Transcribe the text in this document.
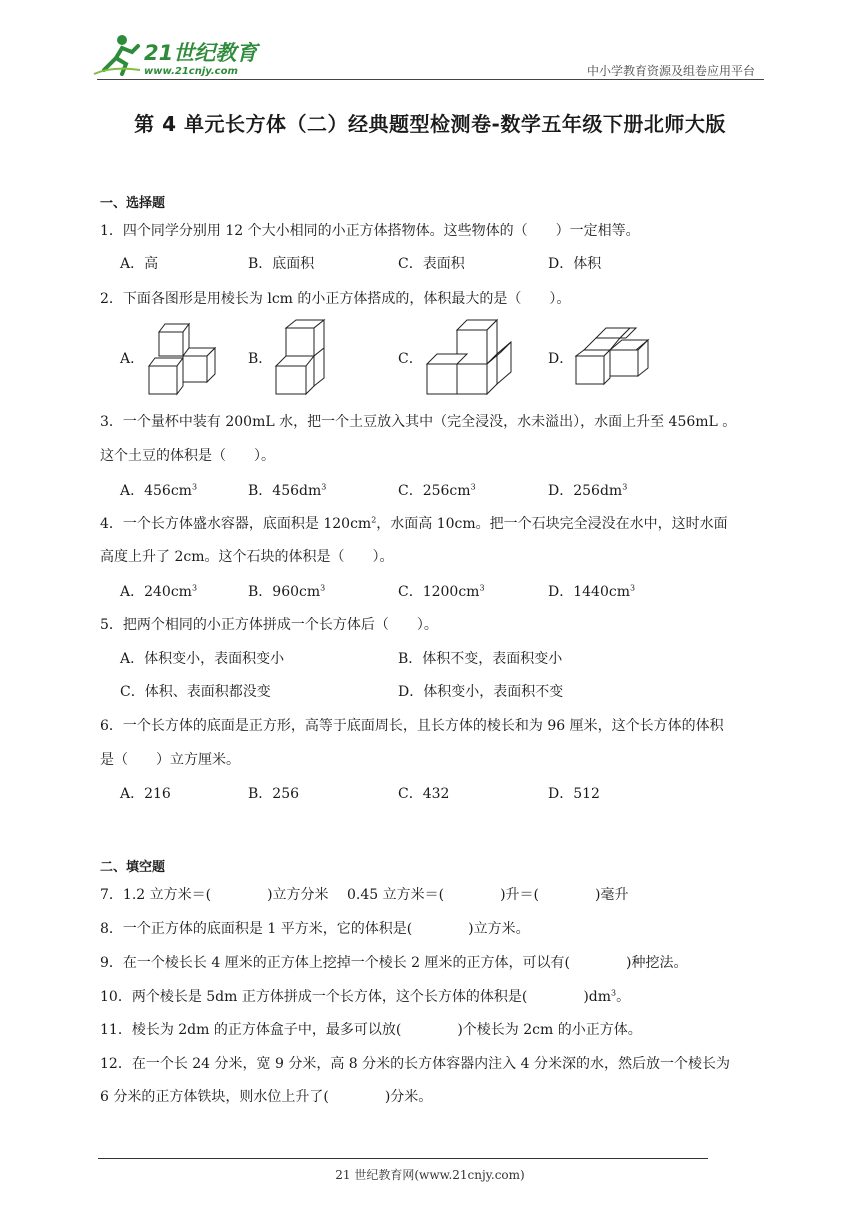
21世纪教育
www.21cnjy.com	中小学教育资源及组卷应用平台
第 4 单元长方体（二）经典题型检测卷-数学五年级下册北师大版
一、选择题
1．四个同学分别用 12 个大小相同的小正方体搭物体。这些物体的（　　）一定相等。
A．高	B．底面积	C．表面积	D．体积
2．下面各图形是用棱长为 lcm 的小正方体搭成的，体积最大的是（　　）。
A．	B．	C．	D．
3．一个量杯中装有 200mL 水，把一个土豆放入其中（完全浸没，水未溢出），水面上升至 456mL 。
这个土豆的体积是（　　）。
A．$456cm^3$	B．$456dm^3$	C．$256cm^3$	D．$256dm^3$
4．一个长方体盛水容器，底面积是 $120cm^2$，水面高 10cm。把一个石块完全浸没在水中，这时水面
高度上升了 2cm。这个石块的体积是（　　）。
A．$240cm^3$	B．$960cm^3$	C．$1200cm^3$	D．$1440cm^3$
5．把两个相同的小正方体拼成一个长方体后（　　）。
A．体积变小，表面积变小	B．体积不变，表面积变小
C．体积、表面积都没变	D．体积变小，表面积不变
6．一个长方体的底面是正方形，高等于底面周长，且长方体的棱长和为 96 厘米，这个长方体的体积
是（　　）立方厘米。
A．216	B．256	C．432	D．512
二、填空题
7．1.2 立方米＝(　　　　)立方分米　 0.45 立方米＝(　　　　)升＝(　　　　)毫升
8．一个正方体的底面积是 1 平方米，它的体积是(　　　　)立方米。
9．在一个棱长长 4 厘米的正方体上挖掉一个棱长 2 厘米的正方体，可以有(　　　　)种挖法。
10．两个棱长是 5dm 正方体拼成一个长方体，这个长方体的体积是(　　　　)$dm^3$。
11．棱长为 2dm 的正方体盒子中，最多可以放(　　　　)个棱长为 2cm 的小正方体。
12．在一个长 24 分米，宽 9 分米，高 8 分米的长方体容器内注入 4 分米深的水，然后放一个棱长为
6 分米的正方体铁块，则水位上升了(　　　　)分米。
21 世纪教育网(www.21cnjy.com)
